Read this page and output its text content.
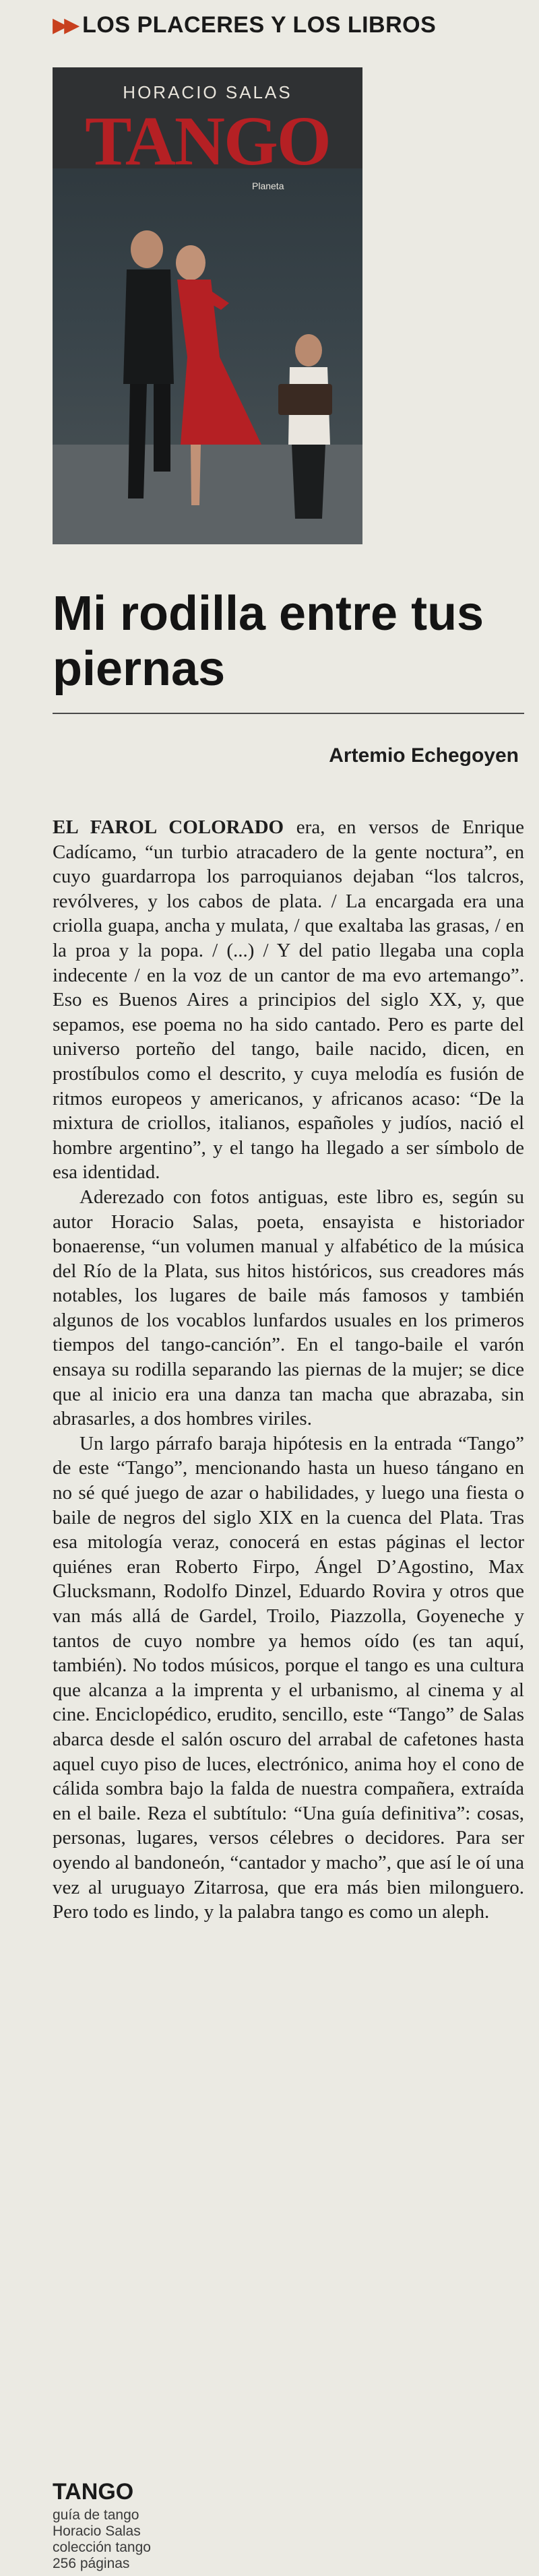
▶▶ LOS PLACERES Y LOS LIBROS
HORACIO SALAS
TANGO
Planeta
Mi rodilla entre tus piernas
Artemio Echegoyen

EL FAROL COLORADO era, en versos de Enrique Cadícamo, “un turbio atracadero de la gente noctura”, en cuyo guardarropa los parroquianos dejaban “los talcros, revólveres, y los cabos de plata. / La encargada era una criolla guapa, ancha y mulata, / que exaltaba las grasas, / en la proa y la popa. / (...) / Y del patio llegaba una copla indecente / en la voz de un cantor de ma evo artemango”. Eso es Buenos Aires a principios del siglo XX, y, que sepamos, ese poema no ha sido cantado. Pero es parte del universo porteño del tango, baile nacido, dicen, en prostíbulos como el descrito, y cuya melodía es fusión de ritmos europeos y americanos, y africanos acaso: “De la mixtura de criollos, italianos, españoles y judíos, nació el hombre argentino”, y el tango ha llegado a ser símbolo de esa identidad.

Aderezado con fotos antiguas, este libro es, según su autor Horacio Salas, poeta, ensayista e historiador bonaerense, “un volumen manual y alfabético de la música del Río de la Plata, sus hitos históricos, sus creadores más notables, los lugares de baile más famosos y también algunos de los vocablos lunfardos usuales en los primeros tiempos del tango-canción”. En el tango-baile el varón ensaya su rodilla separando las piernas de la mujer; se dice que al inicio era una danza tan macha que abrazaba, sin abrasarles, a dos hombres viriles.

Un largo párrafo baraja hipótesis en la entrada “Tango” de este “Tango”, mencionando hasta un hueso tángano en no sé qué juego de azar o habilidades, y luego una fiesta o baile de negros del siglo XIX en la cuenca del Plata. Tras esa mitología veraz, conocerá en estas páginas el lector quiénes eran Roberto Firpo, Ángel D’Agostino, Max Glucksmann, Rodolfo Dinzel, Eduardo Rovira y otros que van más allá de Gardel, Troilo, Piazzolla, Goyeneche y tantos de cuyo nombre ya hemos oído (es tan aquí, también). No todos músicos, porque el tango es una cultura que alcanza a la imprenta y el urbanismo, al cinema y al cine. Enciclopédico, erudito, sencillo, este “Tango” de Salas abarca desde el salón oscuro del arrabal de cafetones hasta aquel cuyo piso de luces, electrónico, anima hoy el cono de cálida sombra bajo la falda de nuestra compañera, extraída en el baile. Reza el subtítulo: “Una guía definitiva”: cosas, personas, lugares, versos célebres o decidores. Para ser oyendo al bandoneón, “cantador y macho”, que así le oí una vez al uruguayo Zitarrosa, que era más bien milonguero. Pero todo es lindo, y la palabra tango es como un aleph.

TANGO
guía de tango
Horacio Salas
colección tango
256 páginas
